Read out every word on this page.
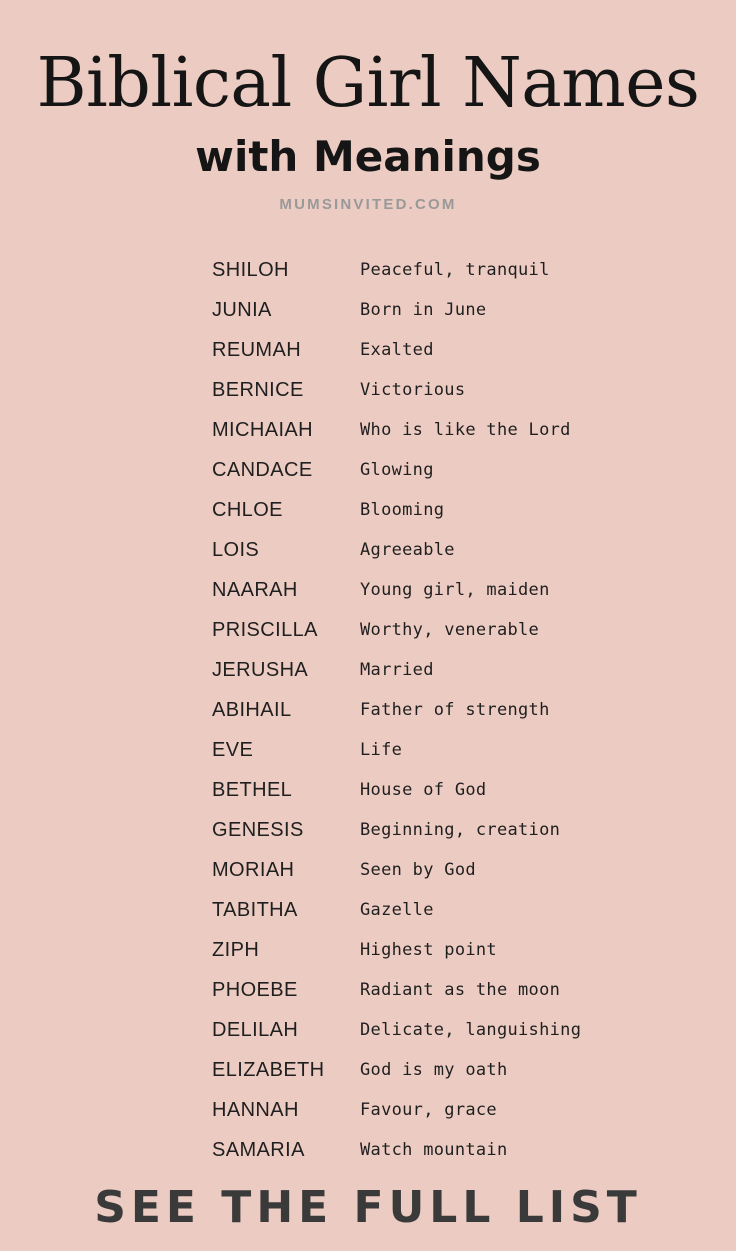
Biblical Girl Names
with Meanings
MUMSINVITED.COM
SHILOH	Peaceful, tranquil
JUNIA	Born in June
REUMAH	Exalted
BERNICE	Victorious
MICHAIAH	Who is like the Lord
CANDACE	Glowing
CHLOE	Blooming
LOIS	Agreeable
NAARAH	Young girl, maiden
PRISCILLA	Worthy, venerable
JERUSHA	Married
ABIHAIL	Father of strength
EVE	Life
BETHEL	House of God
GENESIS	Beginning, creation
MORIAH	Seen by God
TABITHA	Gazelle
ZIPH	Highest point
PHOEBE	Radiant as the moon
DELILAH	Delicate, languishing
ELIZABETH	God is my oath
HANNAH	Favour, grace
SAMARIA	Watch mountain
SEE THE FULL LIST
